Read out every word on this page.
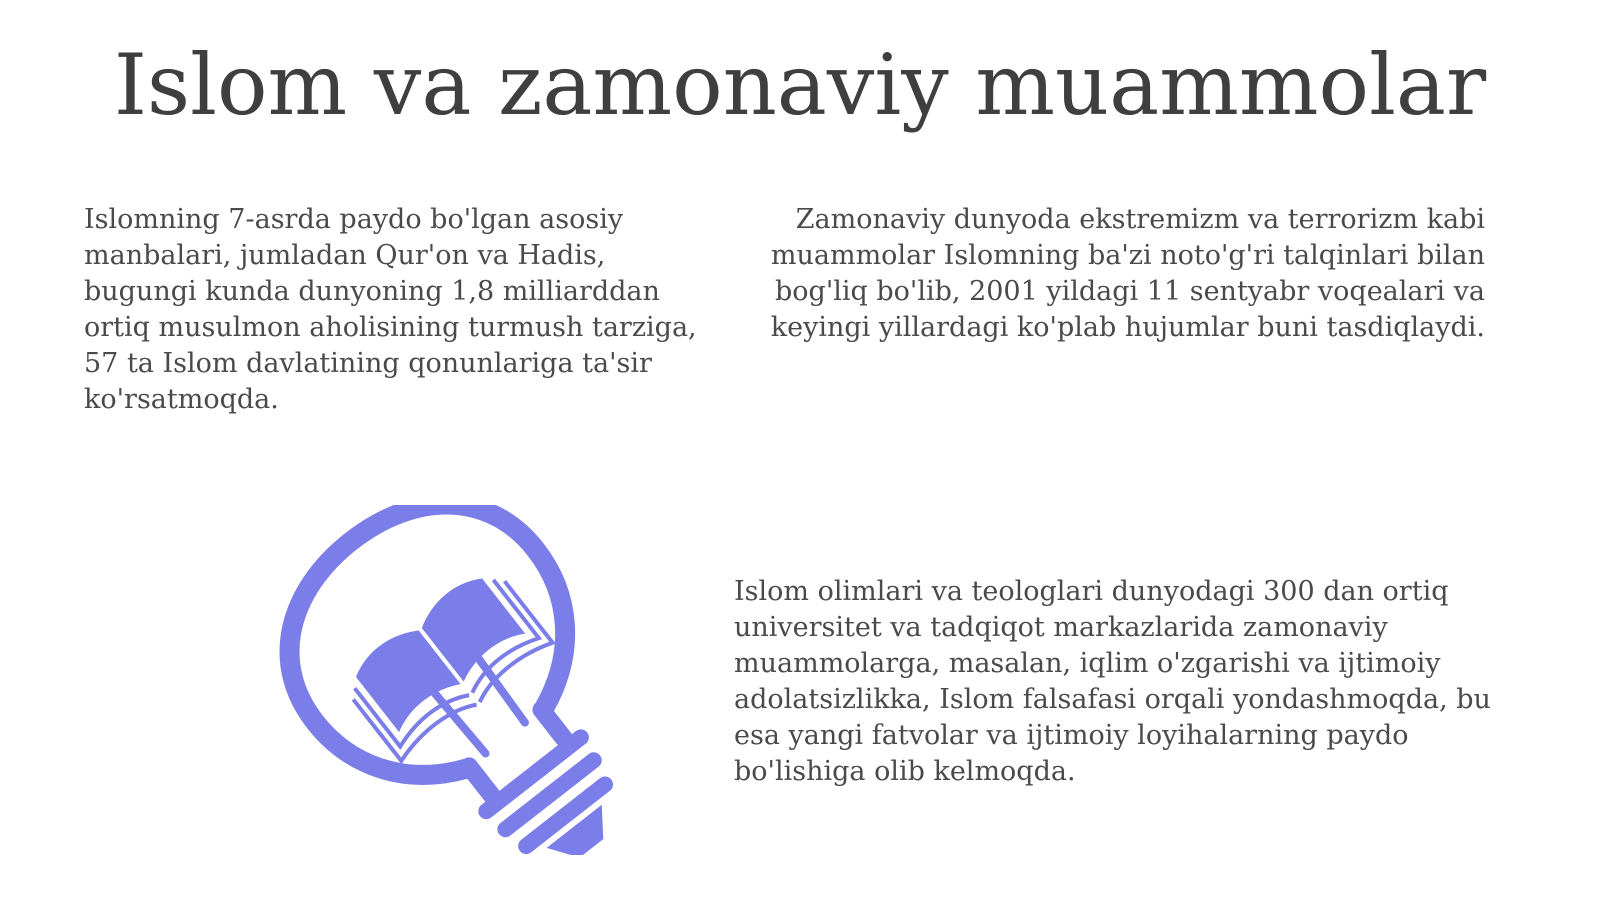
Islom va zamonaviy muammolar

Islomning 7-asrda paydo bo'lgan asosiy manbalari, jumladan Qur'on va Hadis, bugungi kunda dunyoning 1,8 milliarddan ortiq musulmon aholisining turmush tarziga, 57 ta Islom davlatining qonunlariga ta'sir ko'rsatmoqda.

Zamonaviy dunyoda ekstremizm va terrorizm kabi muammolar Islomning ba'zi noto'g'ri talqinlari bilan bog'liq bo'lib, 2001 yildagi 11 sentyabr voqealari va keyingi yillardagi ko'plab hujumlar buni tasdiqlaydi.

Islom olimlari va teologlari dunyodagi 300 dan ortiq universitet va tadqiqot markazlarida zamonaviy muammolarga, masalan, iqlim o'zgarishi va ijtimoiy adolatsizlikka, Islom falsafasi orqali yondashmoqda, bu esa yangi fatvolar va ijtimoiy loyihalarning paydo bo'lishiga olib kelmoqda.
